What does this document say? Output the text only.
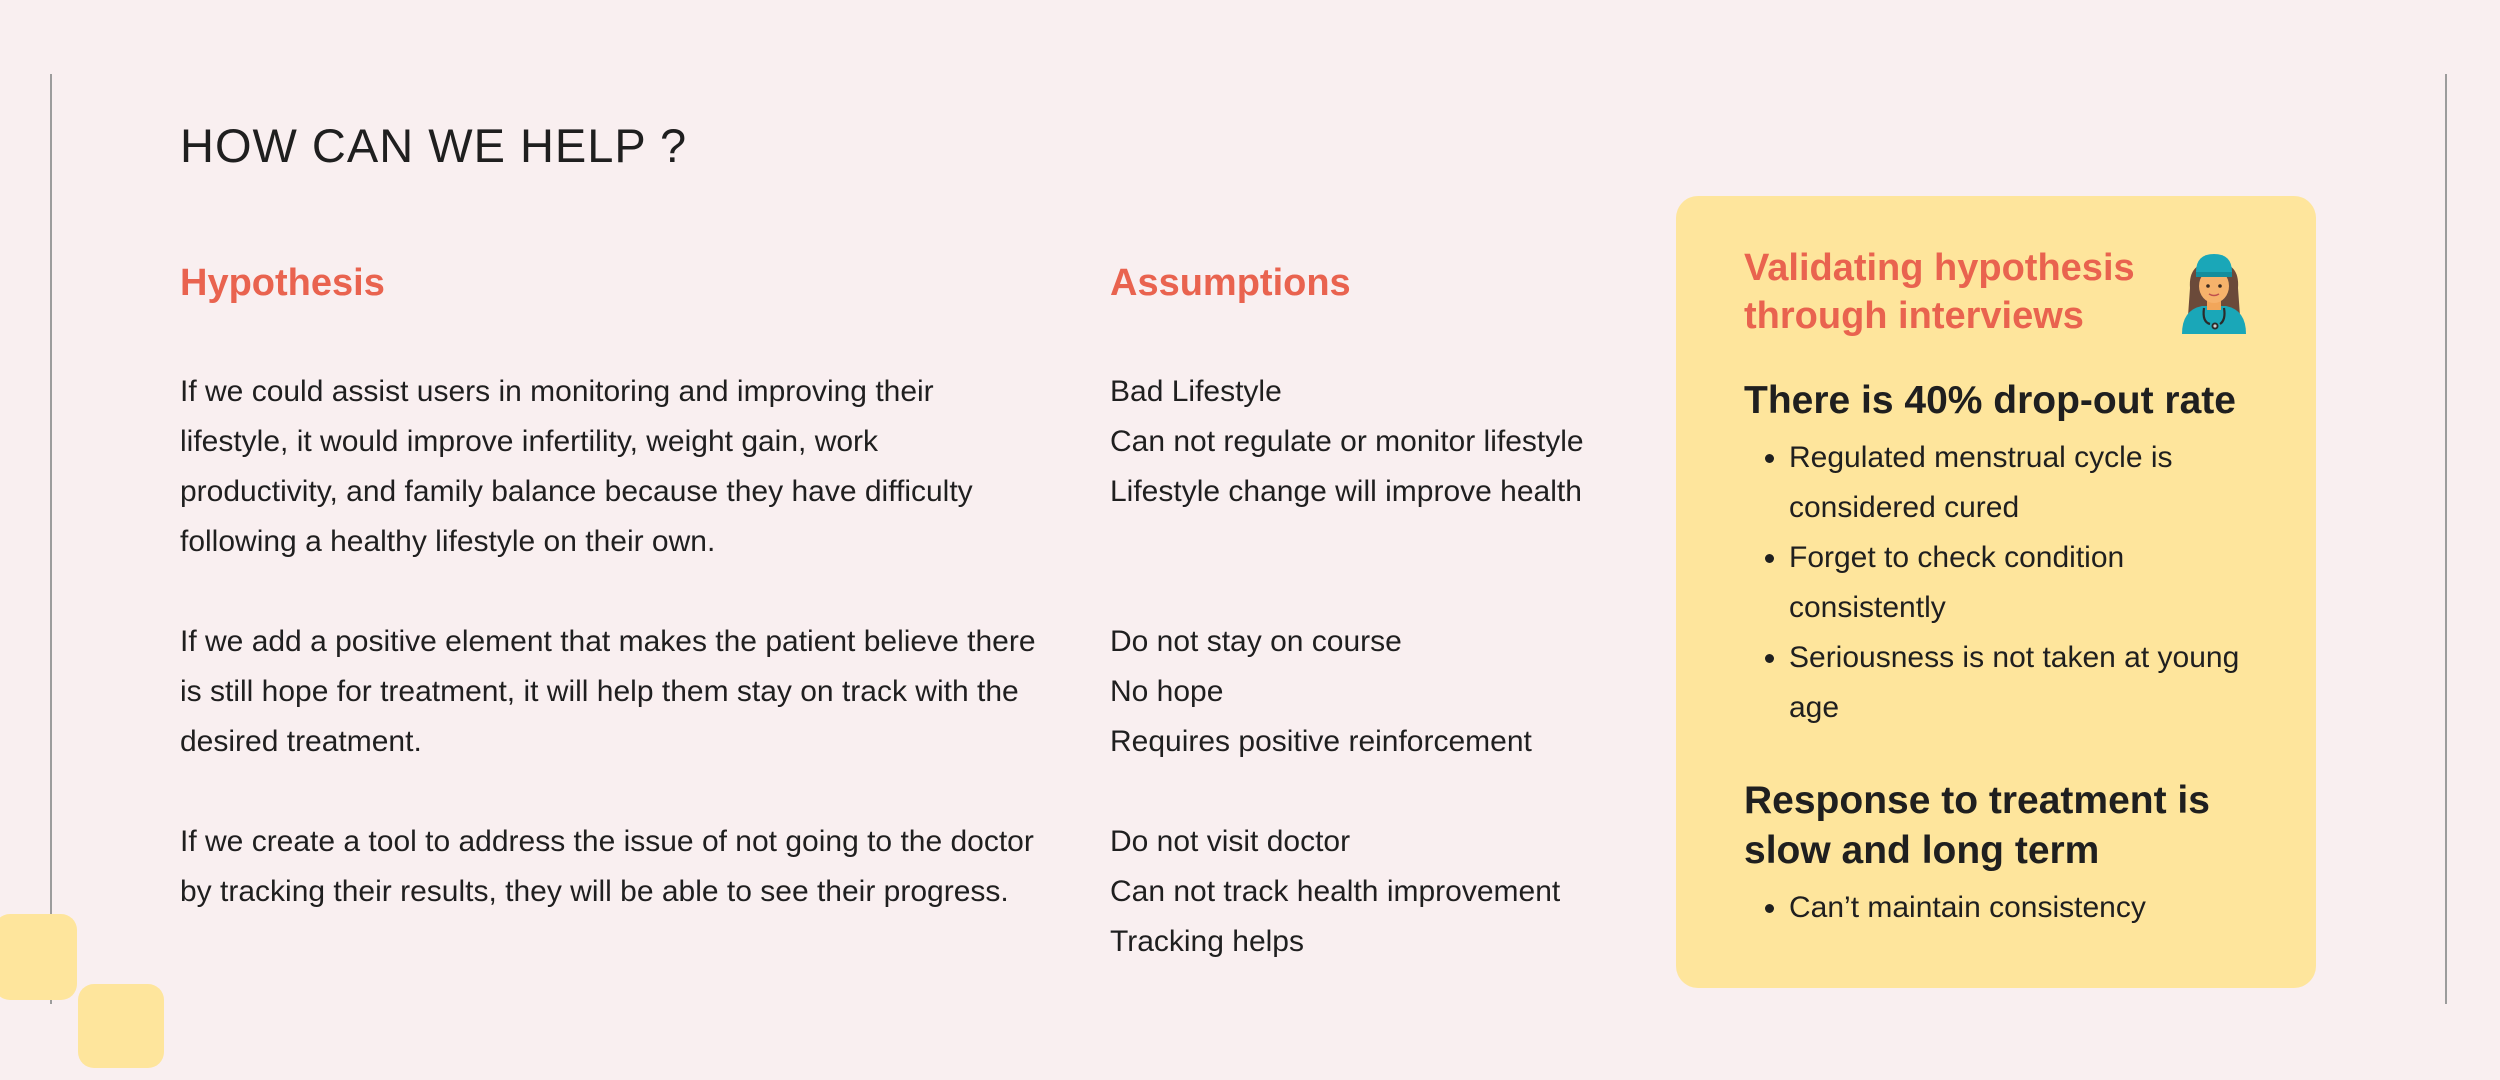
HOW CAN WE HELP ?
Hypothesis	Assumptions

If we could assist users in monitoring and improving their lifestyle, it would improve infertility, weight gain, work productivity, and family balance because they have difficulty following a healthy lifestyle on their own.

If we add a positive element that makes the patient believe there is still hope for treatment, it will help them stay on track with the desired treatment.

If we create a tool to address the issue of not going to the doctor by tracking their results, they will be able to see their progress.

Bad Lifestyle
Can not regulate or monitor lifestyle
Lifestyle change will improve health
Do not stay on course
No hope
Requires positive reinforcement
Do not visit doctor
Can not track health improvement
Tracking helps
Validating hypothesis through interviews
There is 40% drop-out rate
• Regulated menstrual cycle is considered cured
• Forget to check condition consistently
• Seriousness is not taken at young age
Response to treatment is slow and long term
• Can’t maintain consistency
